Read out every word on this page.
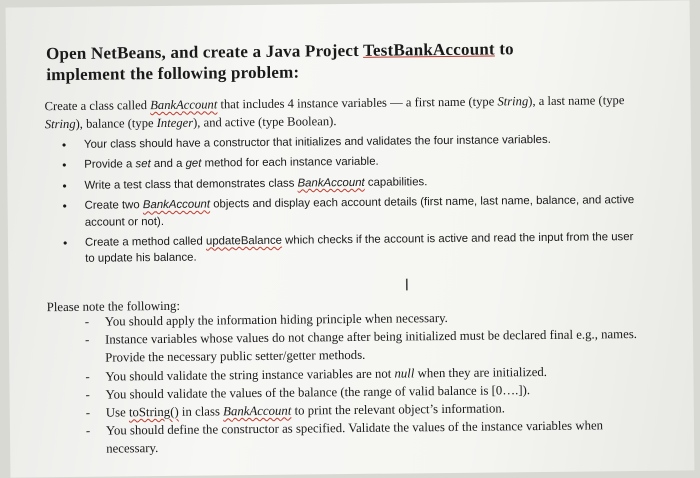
Open NetBeans, and create a Java Project TestBankAccount to
implement the following problem:
Create a class called BankAccount that includes 4 instance variables — a first name (type String), a last name (type String), balance (type Integer), and active (type Boolean).
• Your class should have a constructor that initializes and validates the four instance variables.
• Provide a set and a get method for each instance variable.
• Write a test class that demonstrates class BankAccount capabilities.
• Create two BankAccount objects and display each account details (first name, last name, balance, and active account or not).
• Create a method called updateBalance which checks if the account is active and read the input from the user to update his balance.
I
Please note the following:
- You should apply the information hiding principle when necessary.
- Instance variables whose values do not change after being initialized must be declared final e.g., names. Provide the necessary public setter/getter methods.
- You should validate the string instance variables are not null when they are initialized.
- You should validate the values of the balance (the range of valid balance is [0….]).
- Use toString() in class BankAccount to print the relevant object’s information.
- You should define the constructor as specified. Validate the values of the instance variables when necessary.
